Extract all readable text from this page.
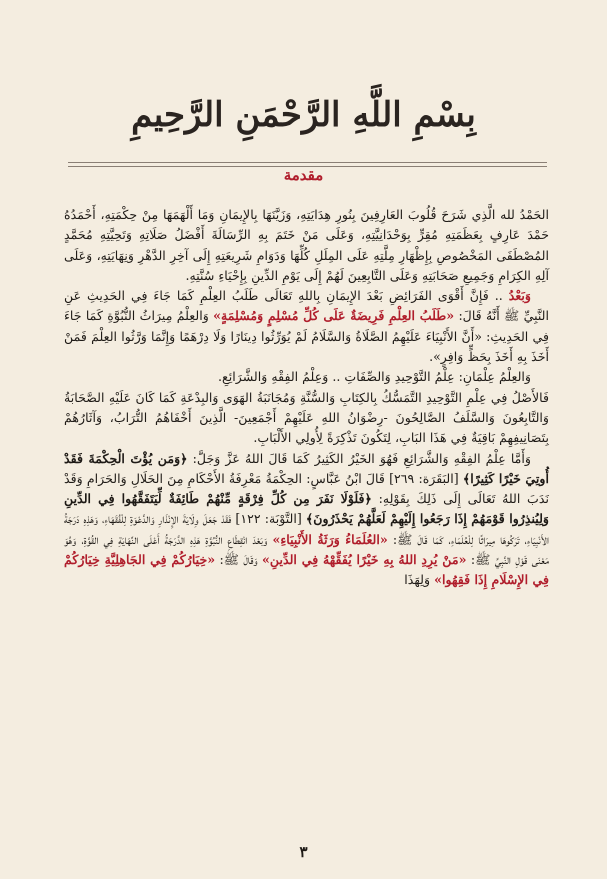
بِسْمِ اللَّهِ الرَّحْمَنِ الرَّحِيمِ
مقدمة

الحَمْدُ لله الَّذِي شَرَحَ قُلُوبَ العَارِفِينَ بِنُورِ هِدَايَتِهِ، وَزَيَّنَهَا بِالإِيمَانِ وَمَا أَلْهَمَهَا مِنْ حِكْمَتِهِ، أَحْمَدُهُ حَمْدَ عَارِفٍ بِعَظَمَتِهِ مُقِرٍّ بِوَحْدَانِيَّتِهِ، وَعَلَى مَنْ خَتَمَ بِهِ الرِّسَالَةَ أَفْضَلُ صَلَاتِهِ وَتَحِيَّتِهِ مُحَمَّدٍ المُصْطَفَى المَخْصُوصِ بِإِظْهَارِ مِلَّتِهِ عَلَى المِلَلِ كُلِّهَا وَدَوَامِ شَرِيعَتِهِ إِلَى آخِرِ الدَّهْرِ وَنِهَايَتِهِ، وَعَلَى آلِهِ الكِرَامِ وَجَمِيعِ صَحَابَتِهِ وَعَلَى التَّابِعِينَ لَهُمْ إِلَى يَوْمِ الدِّينِ بِإِحْيَاءِ سُنَّتِهِ.

وَبَعْدُ .. فَإِنَّ أَقْوَى الفَرَائِضِ بَعْدَ الإِيمَانِ بِاللهِ تَعَالَى طَلَبُ العِلْمِ كَمَا جَاءَ فِي الحَدِيثِ عَنِ النَّبِيِّ ﷺ أَنَّهُ قَالَ: «طَلَبُ العِلْمِ فَرِيضَةٌ عَلَى كُلِّ مُسْلِمٍ وَمُسْلِمَةٍ» وَالعِلْمُ مِيرَاثُ النُّبُوَّةِ كَمَا جَاءَ فِي الحَدِيثِ: «أَنَّ الأَنْبِيَاءَ عَلَيْهِمُ الصَّلَاةُ وَالسَّلَامُ لَمْ يُوَرِّثُوا دِينَارًا وَلَا دِرْهَمًا وَإِنَّمَا وَرَّثُوا العِلْمَ فَمَنْ أَخَذَ بِهِ أَخَذَ بِحَظٍّ وَافِرٍ».

وَالعِلْمُ عِلْمَانِ: عِلْمُ التَّوْحِيدِ وَالصِّفَاتِ .. وَعِلْمُ الفِقْهِ وَالشَّرَائِعِ.

فَالأَصْلُ فِي عِلْمِ التَّوْحِيدِ التَّمَسُّكُ بِالكِتَابِ وَالسُّنَّةِ وَمُجَانَبَةُ الهَوَى وَالبِدْعَةِ كَمَا كَانَ عَلَيْهِ الصَّحَابَةُ وَالتَّابِعُونَ وَالسَّلَفُ الصَّالِحُونَ -رِضْوَانُ اللهِ عَلَيْهِمْ أَجْمَعِينَ- الَّذِينَ أَخْفَاهُمُ التُّرَابُ، وَآثَارُهُمْ بِتَصَانِيفِهِمْ بَاقِيَةٌ فِي هَذَا البَابِ، لِتَكُونَ تَذْكِرَةً لِأُولِي الأَلْبَابِ.

وَأَمَّا عِلْمُ الفِقْهِ وَالشَّرَائِعِ فَهُوَ الخَيْرُ الكَثِيرُ كَمَا قَالَ اللهُ عَزَّ وَجَلَّ: ﴿وَمَن يُؤْتَ الْحِكْمَةَ فَقَدْ أُوتِيَ خَيْرًا كَثِيرًا﴾ [البَقَرَة: ٢٦٩] قَالَ ابْنُ عَبَّاسٍ: الحِكْمَةُ مَعْرِفَةُ الأَحْكَامِ مِنَ الحَلَالِ وَالحَرَامِ وَقَدْ نَدَبَ اللهُ تَعَالَى إِلَى ذَلِكَ بِقَوْلِهِ: ﴿فَلَوْلَا نَفَرَ مِن كُلِّ فِرْقَةٍ مِّنْهُمْ طَائِفَةٌ لِّيَتَفَقَّهُوا فِي الدِّينِ وَلِيُنذِرُوا قَوْمَهُمْ إِذَا رَجَعُوا إِلَيْهِمْ لَعَلَّهُمْ يَحْذَرُونَ﴾ [التَّوْبَة: ١٢٢] فَقَدْ جَعَلَ وِلَايَةَ الإِنْذَارِ وَالدَّعْوَةِ لِلْفُقَهَاءِ، وَهَذِهِ دَرَجَةُ الأَنْبِيَاءِ، تَرَكُوهَا مِيرَاثًا لِلْعُلَمَاءِ، كَمَا قَالَ ﷺ: «العُلَمَاءُ وَرَثَةُ الأَنْبِيَاءِ» وَبَعْدَ انْقِطَاعِ النُّبُوَّةِ هَذِهِ الدَّرَجَةُ أَعْلَى النِّهَايَةِ فِي القُوَّةِ، وَهُوَ مَعْنَى قَوْلِ النَّبِيِّ ﷺ: «مَنْ يُرِدِ اللهُ بِهِ خَيْرًا يُفَقِّهْهُ فِي الدِّينِ» وَقَالَ ﷺ: «خِيَارُكُمْ فِي الجَاهِلِيَّةِ خِيَارُكُمْ فِي الإِسْلَامِ إِذَا فَقِهُوا» وَلِهَذَا

٣
